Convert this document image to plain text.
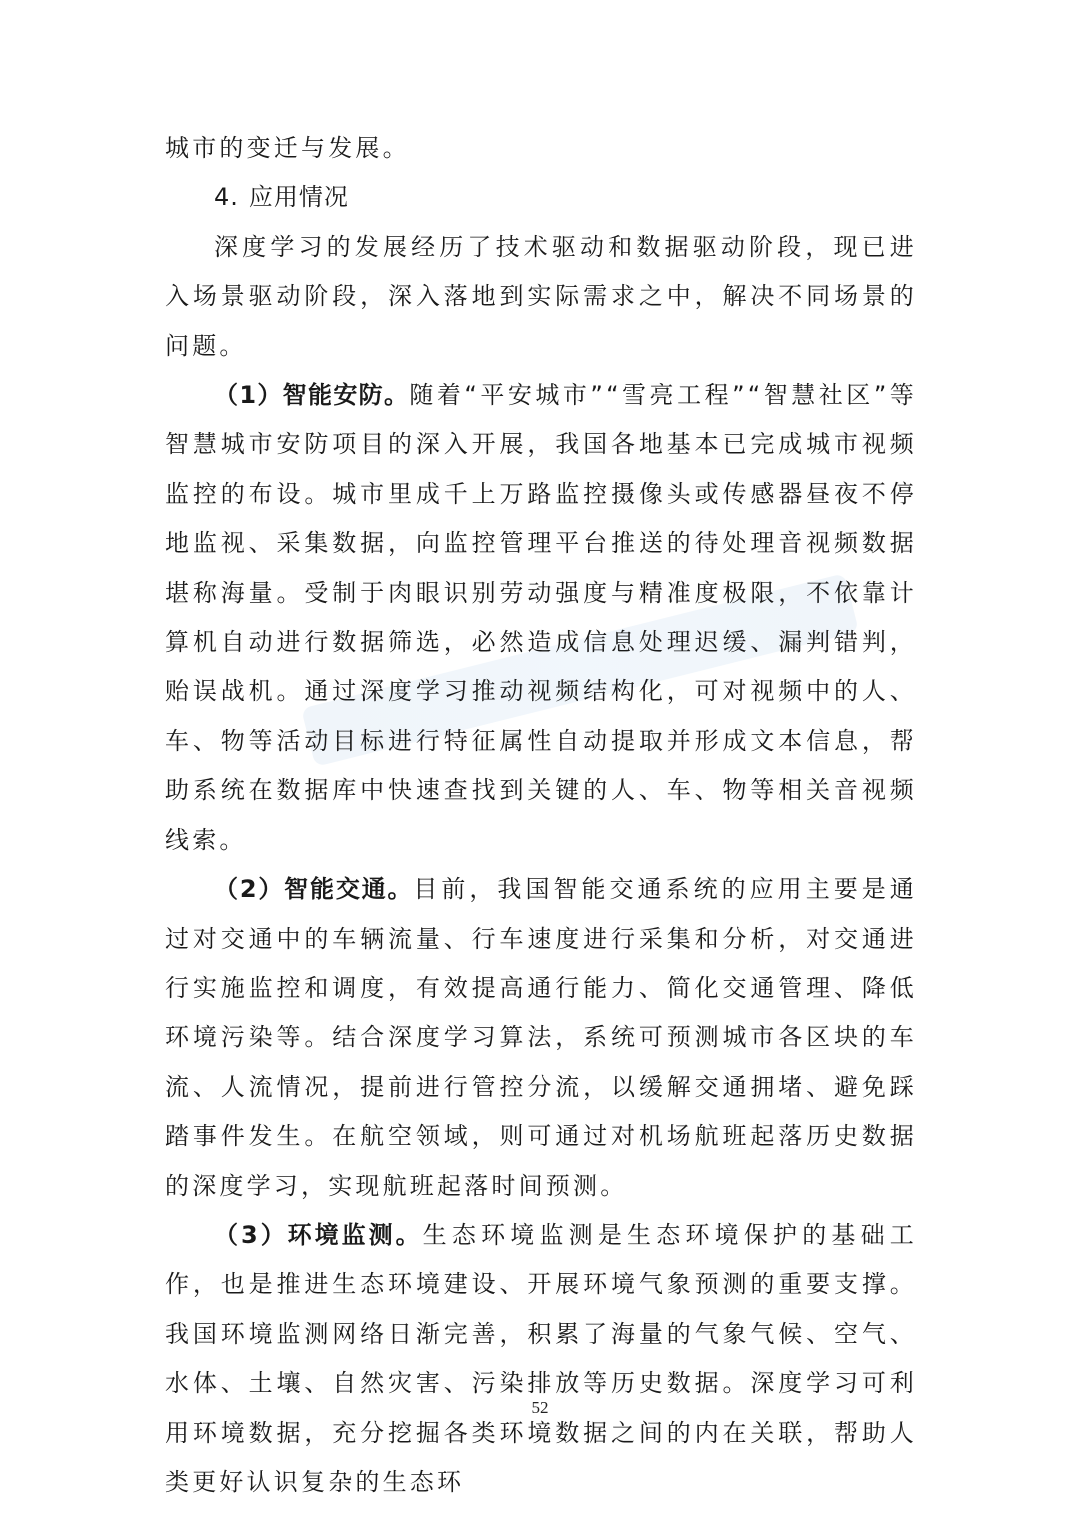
城市的变迁与发展。

4. 应用情况

深度学习的发展经历了技术驱动和数据驱动阶段，现已进入场景驱动阶段，深入落地到实际需求之中，解决不同场景的问题。

（1）智能安防。随着“平安城市”“雪亮工程”“智慧社区”等智慧城市安防项目的深入开展，我国各地基本已完成城市视频监控的布设。城市里成千上万路监控摄像头或传感器昼夜不停地监视、采集数据，向监控管理平台推送的待处理音视频数据堪称海量。受制于肉眼识别劳动强度与精准度极限，不依靠计算机自动进行数据筛选，必然造成信息处理迟缓、漏判错判，贻误战机。通过深度学习推动视频结构化，可对视频中的人、车、物等活动目标进行特征属性自动提取并形成文本信息，帮助系统在数据库中快速查找到关键的人、车、物等相关音视频线索。

（2）智能交通。目前，我国智能交通系统的应用主要是通过对交通中的车辆流量、行车速度进行采集和分析，对交通进行实施监控和调度，有效提高通行能力、简化交通管理、降低环境污染等。结合深度学习算法，系统可预测城市各区块的车流、人流情况，提前进行管控分流，以缓解交通拥堵、避免踩踏事件发生。在航空领域，则可通过对机场航班起落历史数据的深度学习，实现航班起落时间预测。

（3）环境监测。生态环境监测是生态环境保护的基础工作，也是推进生态环境建设、开展环境气象预测的重要支撑。我国环境监测网络日渐完善，积累了海量的气象气候、空气、水体、土壤、自然灾害、污染排放等历史数据。深度学习可利用环境数据，充分挖掘各类环境数据之间的内在关联，帮助人类更好认识复杂的生态环

52
